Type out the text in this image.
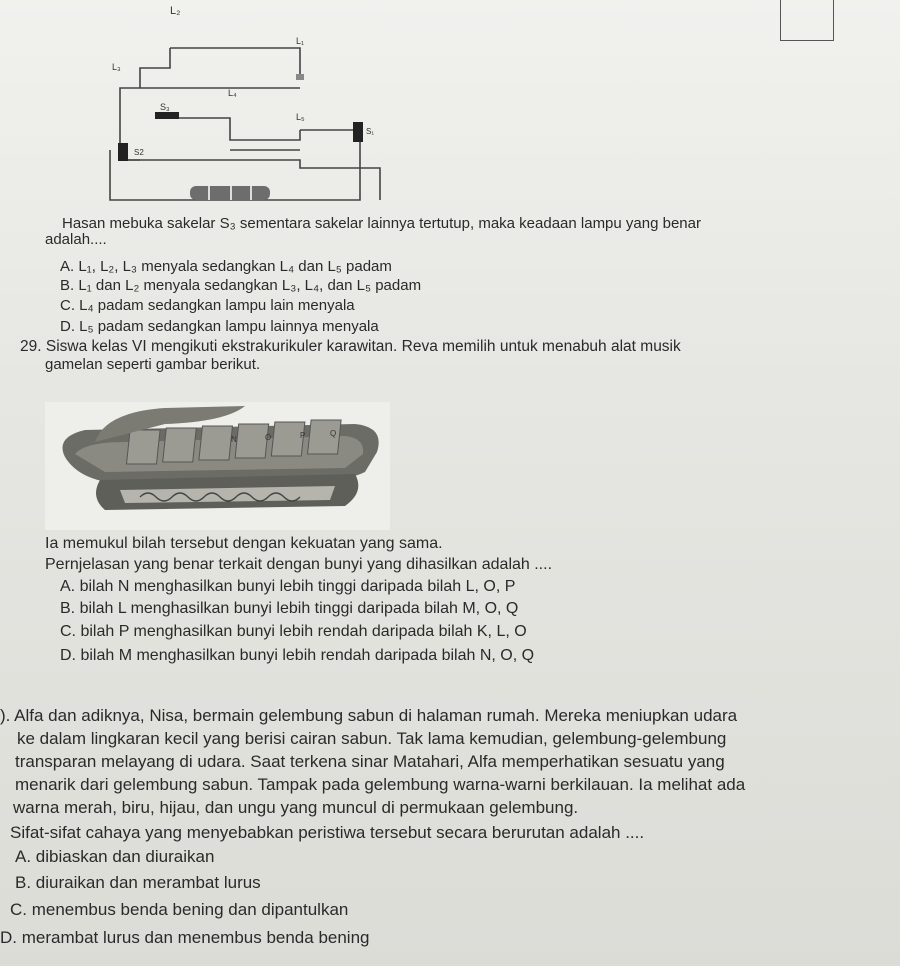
L₂
L₁
L₃
L₄
S₃
L₅
S₁
S2
Hasan mebuka sakelar S₃ sementara sakelar lainnya tertutup, maka keadaan lampu yang benar
adalah....
A. L₁, L₂, L₃ menyala sedangkan L₄ dan L₅ padam
B. L₁ dan L₂ menyala sedangkan L₃, L₄, dan L₅ padam
C. L₄ padam sedangkan lampu lain menyala
D. L₅ padam sedangkan lampu lainnya menyala
29. Siswa kelas VI mengikuti ekstrakurikuler karawitan. Reva memilih untuk menabuh alat musik
gamelan seperti gambar berikut.
N	O	P	Q
Ia memukul bilah tersebut dengan kekuatan yang sama.
Pernjelasan yang benar terkait dengan bunyi yang dihasilkan adalah ....
A. bilah N menghasilkan bunyi lebih tinggi daripada bilah L, O, P
B. bilah L menghasilkan bunyi lebih tinggi daripada bilah M, O, Q
C. bilah P menghasilkan bunyi lebih rendah daripada bilah K, L, O
D. bilah M menghasilkan bunyi lebih rendah daripada bilah N, O, Q
). Alfa dan adiknya, Nisa, bermain gelembung sabun di halaman rumah. Mereka meniupkan udara
ke dalam lingkaran kecil yang berisi cairan sabun. Tak lama kemudian, gelembung-gelembung
transparan melayang di udara. Saat terkena sinar Matahari, Alfa memperhatikan sesuatu yang
menarik dari gelembung sabun. Tampak pada gelembung warna-warni berkilauan. Ia melihat ada
warna merah, biru, hijau, dan ungu yang muncul di permukaan gelembung.
Sifat-sifat cahaya yang menyebabkan peristiwa tersebut secara berurutan adalah ....
A. dibiaskan dan diuraikan
B. diuraikan dan merambat lurus
C. menembus benda bening dan dipantulkan
D. merambat lurus dan menembus benda bening
